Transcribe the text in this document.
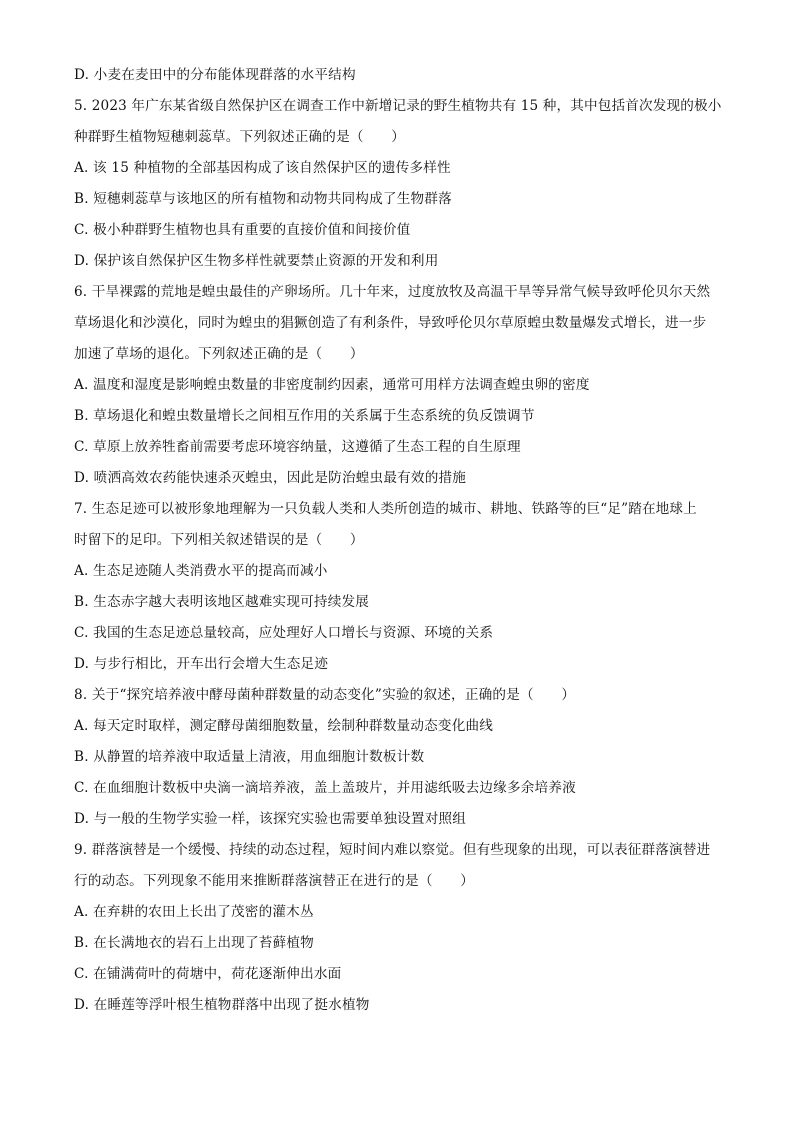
D. 小麦在麦田中的分布能体现群落的水平结构
5. 2023 年广东某省级自然保护区在调查工作中新增记录的野生植物共有 15 种，其中包括首次发现的极小
种群野生植物短穗刺蕊草。下列叙述正确的是（　　）
A. 该 15 种植物的全部基因构成了该自然保护区的遗传多样性
B. 短穗刺蕊草与该地区的所有植物和动物共同构成了生物群落
C. 极小种群野生植物也具有重要的直接价值和间接价值
D. 保护该自然保护区生物多样性就要禁止资源的开发和利用
6. 干旱裸露的荒地是蝗虫最佳的产卵场所。几十年来，过度放牧及高温干旱等异常气候导致呼伦贝尔天然
草场退化和沙漠化，同时为蝗虫的猖獗创造了有利条件，导致呼伦贝尔草原蝗虫数量爆发式增长，进一步
加速了草场的退化。下列叙述正确的是（　　）
A. 温度和湿度是影响蝗虫数量的非密度制约因素，通常可用样方法调查蝗虫卵的密度
B. 草场退化和蝗虫数量增长之间相互作用的关系属于生态系统的负反馈调节
C. 草原上放养牲畜前需要考虑环境容纳量，这遵循了生态工程的自生原理
D. 喷洒高效农药能快速杀灭蝗虫，因此是防治蝗虫最有效的措施
7. 生态足迹可以被形象地理解为一只负载人类和人类所创造的城市、耕地、铁路等的巨“足”踏在地球上
时留下的足印。下列相关叙述错误的是（　　）
A. 生态足迹随人类消费水平的提高而减小
B. 生态赤字越大表明该地区越难实现可持续发展
C. 我国的生态足迹总量较高，应处理好人口增长与资源、环境的关系
D. 与步行相比，开车出行会增大生态足迹
8. 关于“探究培养液中酵母菌种群数量的动态变化”实验的叙述，正确的是（　　）
A. 每天定时取样，测定酵母菌细胞数量，绘制种群数量动态变化曲线
B. 从静置的培养液中取适量上清液，用血细胞计数板计数
C. 在血细胞计数板中央滴一滴培养液，盖上盖玻片，并用滤纸吸去边缘多余培养液
D. 与一般的生物学实验一样，该探究实验也需要单独设置对照组
9. 群落演替是一个缓慢、持续的动态过程，短时间内难以察觉。但有些现象的出现，可以表征群落演替进
行的动态。下列现象不能用来推断群落演替正在进行的是（　　）
A. 在弃耕的农田上长出了茂密的灌木丛
B. 在长满地衣的岩石上出现了苔藓植物
C. 在铺满荷叶的荷塘中，荷花逐渐伸出水面
D. 在睡莲等浮叶根生植物群落中出现了挺水植物
